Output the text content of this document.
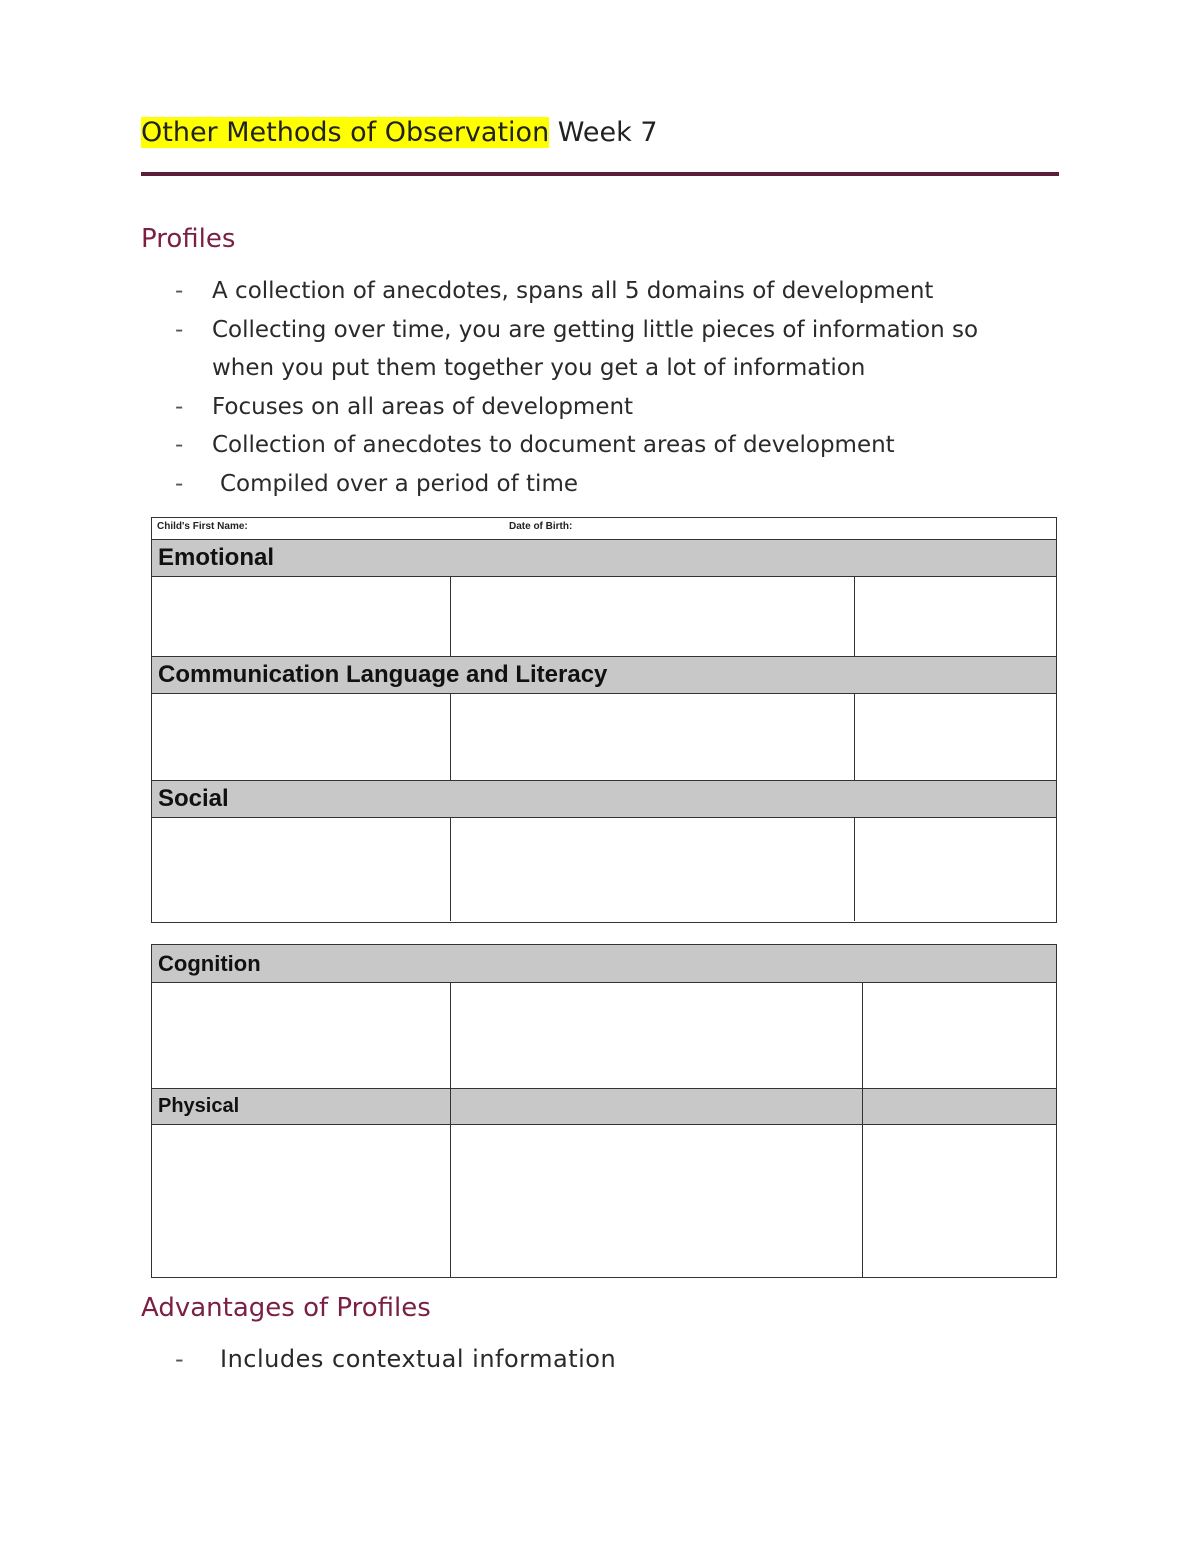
Other Methods of Observation Week 7
Profiles
- A collection of anecdotes, spans all 5 domains of development
- Collecting over time, you are getting little pieces of information so
when you put them together you get a lot of information
- Focuses on all areas of development
- Collection of anecdotes to document areas of development
- Compiled over a period of time
Child's First Name:	Date of Birth:
Emotional
Communication Language and Literacy
Social
Cognition
Physical
Advantages of Profiles
- Includes contextual information
